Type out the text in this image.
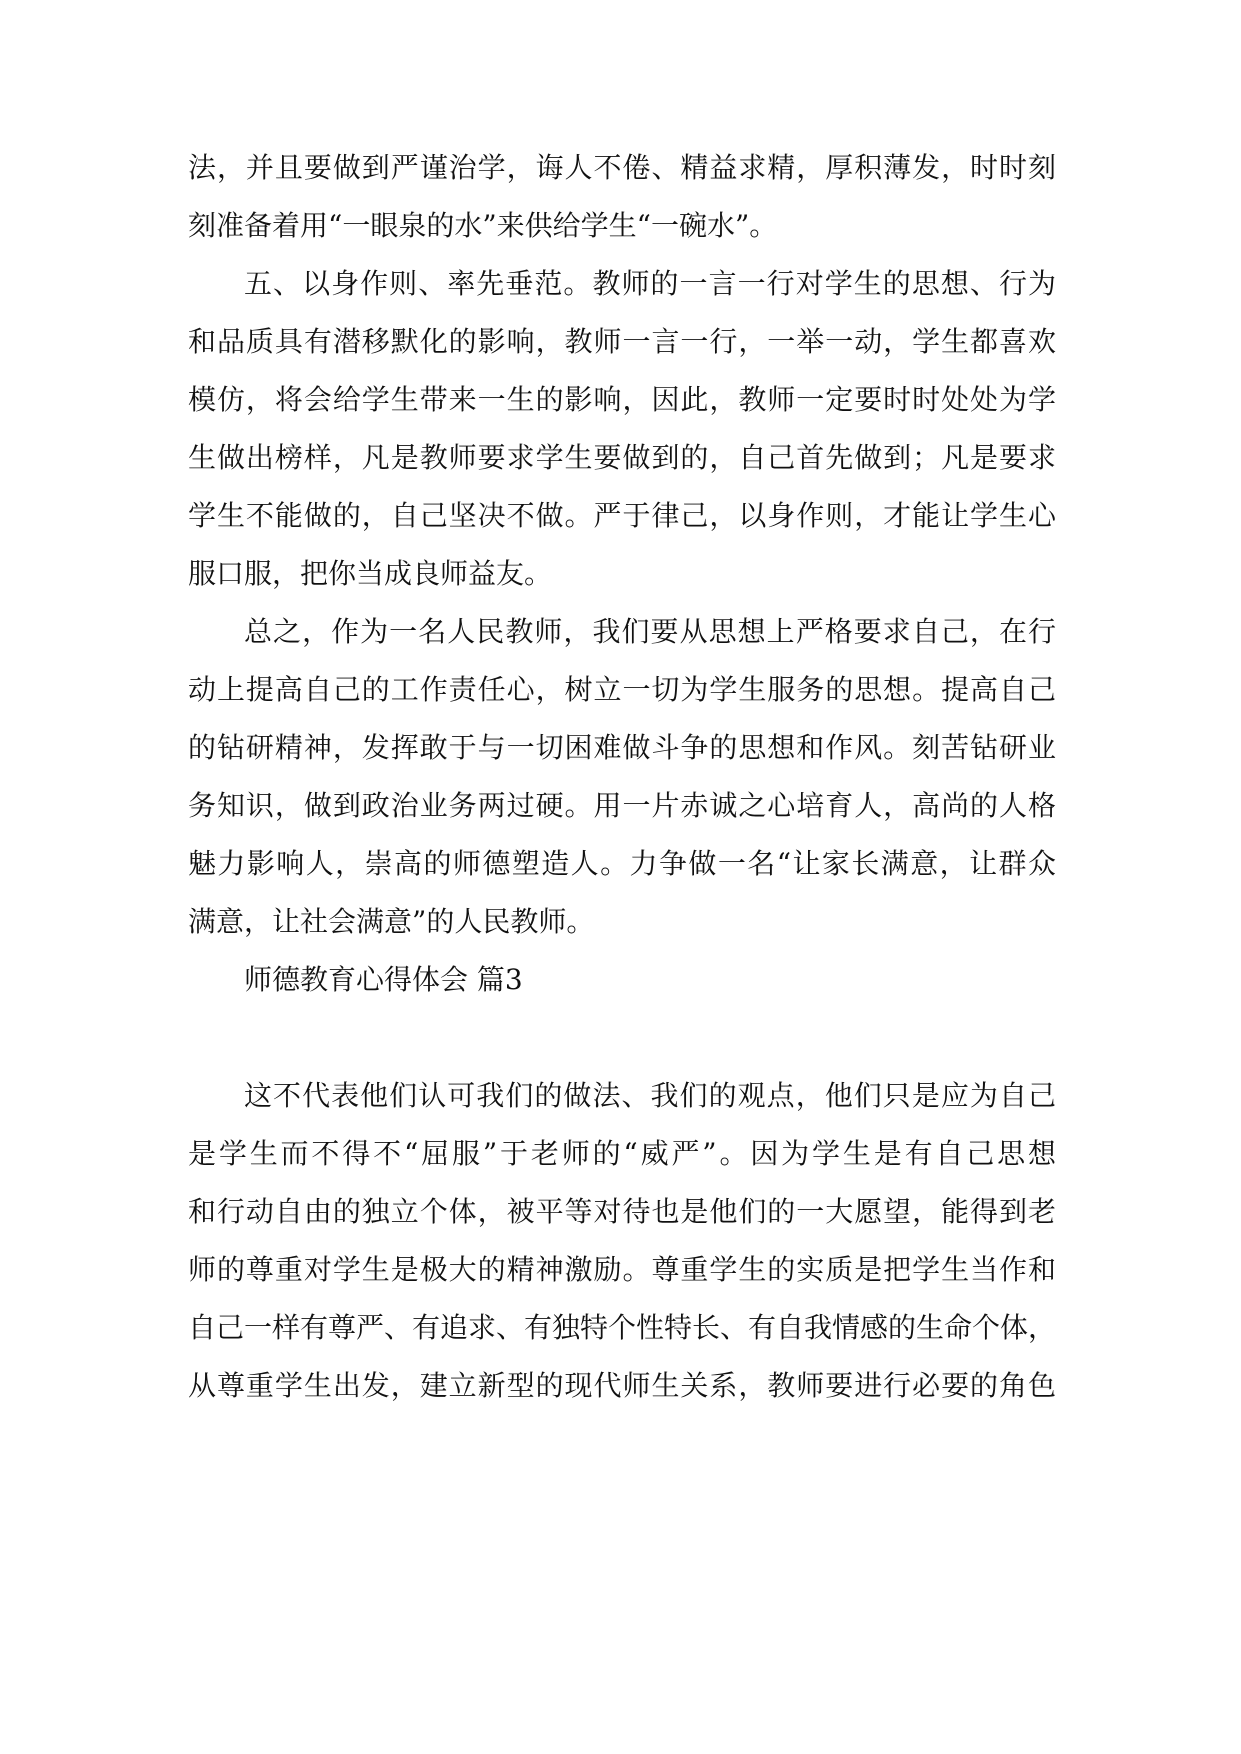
法，并且要做到严谨治学，诲人不倦、精益求精，厚积薄发，时时刻
刻准备着用“一眼泉的水”来供给学生“一碗水”。
五、以身作则、率先垂范。教师的一言一行对学生的思想、行为
和品质具有潜移默化的影响，教师一言一行，一举一动，学生都喜欢
模仿，将会给学生带来一生的影响，因此，教师一定要时时处处为学
生做出榜样，凡是教师要求学生要做到的，自己首先做到；凡是要求
学生不能做的，自己坚决不做。严于律己，以身作则，才能让学生心
服口服，把你当成良师益友。
总之，作为一名人民教师，我们要从思想上严格要求自己，在行
动上提高自己的工作责任心，树立一切为学生服务的思想。提高自己
的钻研精神，发挥敢于与一切困难做斗争的思想和作风。刻苦钻研业
务知识，做到政治业务两过硬。用一片赤诚之心培育人，高尚的人格
魅力影响人，崇高的师德塑造人。力争做一名“让家长满意，让群众
满意，让社会满意”的人民教师。
师德教育心得体会 篇3
这不代表他们认可我们的做法、我们的观点，他们只是应为自己
是学生而不得不“屈服”于老师的“威严”。因为学生是有自己思想
和行动自由的独立个体，被平等对待也是他们的一大愿望，能得到老
师的尊重对学生是极大的精神激励。尊重学生的实质是把学生当作和
自己一样有尊严、有追求、有独特个性特长、有自我情感的生命个体，
从尊重学生出发，建立新型的现代师生关系，教师要进行必要的角色
